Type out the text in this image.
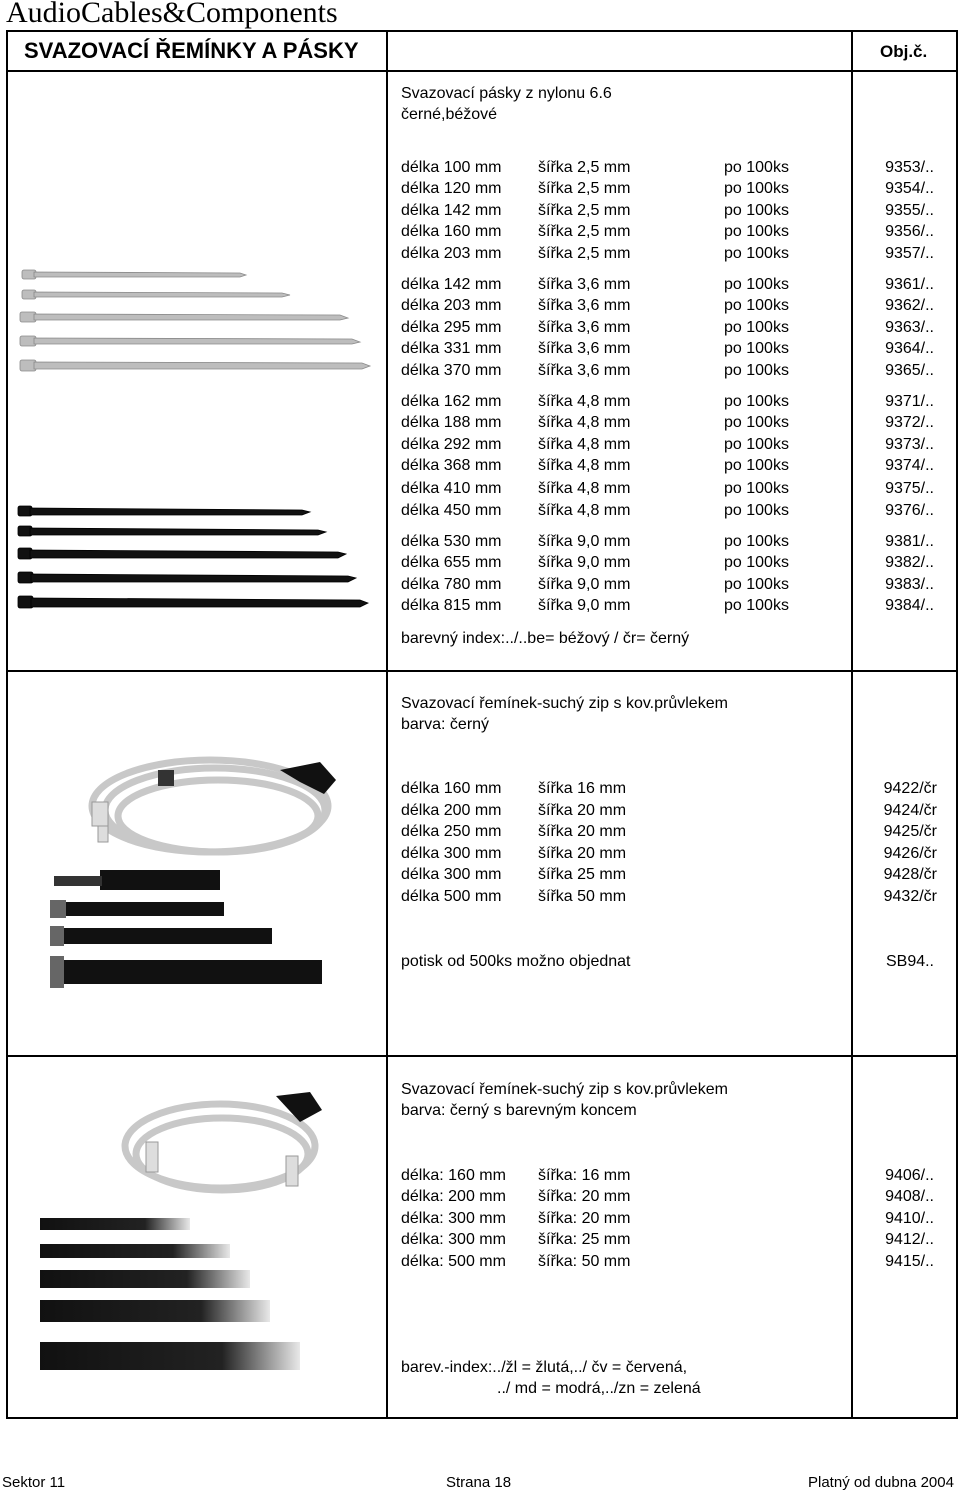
AudioCables&Components
SVAZOVACÍ ŘEMÍNKY A PÁSKY	Obj.č.
Svazovací pásky z nylonu 6.6
černé,béžové
délka 100 mm šířka 2,5 mm	po 100ks	9353/..
délka 120 mm šířka 2,5 mm	po 100ks	9354/..
délka 142 mm šířka 2,5 mm	po 100ks	9355/..
délka 160 mm šířka 2,5 mm	po 100ks	9356/..
délka 203 mm šířka 2,5 mm	po 100ks	9357/..
délka 142 mm šířka 3,6 mm	po 100ks	9361/..
délka 203 mm šířka 3,6 mm	po 100ks	9362/..
délka 295 mm šířka 3,6 mm	po 100ks	9363/..
délka 331 mm šířka 3,6 mm	po 100ks	9364/..
délka 370 mm šířka 3,6 mm	po 100ks	9365/..
délka 162 mm šířka 4,8 mm	po 100ks	9371/..
délka 188 mm šířka 4,8 mm	po 100ks	9372/..
délka 292 mm šířka 4,8 mm	po 100ks	9373/..
délka 368 mm šířka 4,8 mm	po 100ks	9374/..
délka 410 mm šířka 4,8 mm	po 100ks	9375/..
délka 450 mm šířka 4,8 mm	po 100ks	9376/..
délka 530 mm šířka 9,0 mm	po 100ks	9381/..
délka 655 mm šířka 9,0 mm	po 100ks	9382/..
délka 780 mm šířka 9,0 mm	po 100ks	9383/..
délka 815 mm šířka 9,0 mm	po 100ks	9384/..
barevný index:../..be= béžový / čr= černý
Svazovací řemínek-suchý zip s kov.průvlekem
barva: černý
délka 160 mm šířka 16 mm	9422/čr
délka 200 mm šířka 20 mm	9424/čr
délka 250 mm šířka 20 mm	9425/čr
délka 300 mm šířka 20 mm	9426/čr
délka 300 mm šířka 25 mm	9428/čr
délka 500 mm šířka 50 mm	9432/čr
potisk od 500ks možno objednat	SB94..
Svazovací řemínek-suchý zip s kov.průvlekem
barva: černý s barevným koncem
délka: 160 mm šířka: 16 mm	9406/..
délka: 200 mm šířka: 20 mm	9408/..
délka: 300 mm šířka: 20 mm	9410/..
délka: 300 mm šířka: 25 mm	9412/..
délka: 500 mm šířka: 50 mm	9415/..
barev.-index:../žl = žlutá,../ čv = červená,
../ md = modrá,../zn = zelená
Sektor 11	Strana 18	Platný od dubna 2004
